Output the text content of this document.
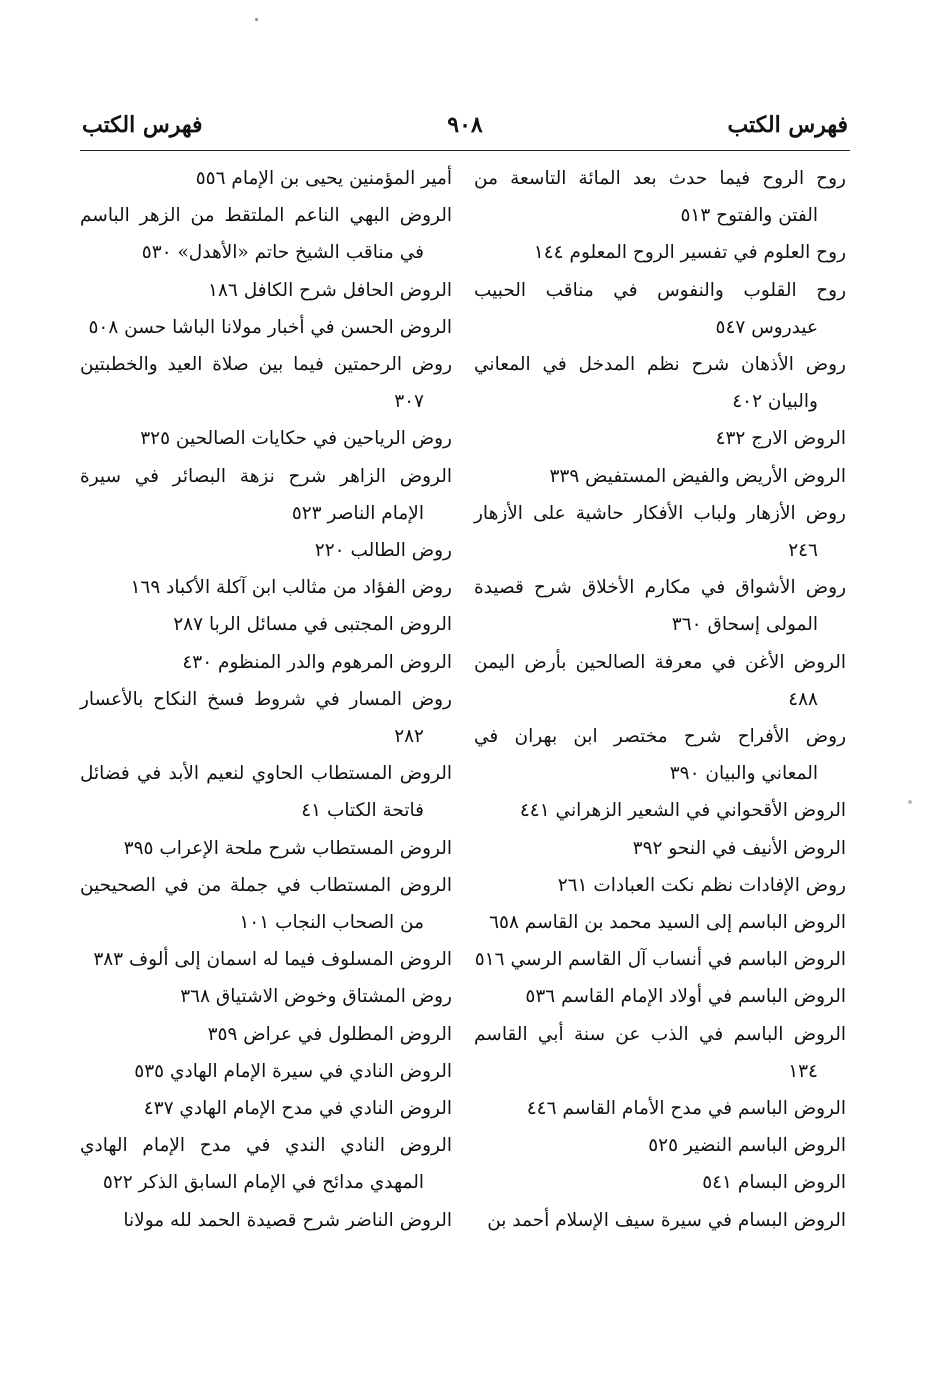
فهرس الكتب
٩٠٨
فهرس الكتب
روح الروح فيما حدث بعد المائة التاسعة من الفتن والفتوح ٥١٣
روح العلوم في تفسير الروح المعلوم ١٤٤
روح القلوب والنفوس في مناقب الحبيب عيدروس ٥٤٧
روض الأذهان شرح نظم المدخل في المعاني والبيان ٤٠٢
الروض الارج ٤٣٢
الروض الأريض والفيض المستفيض ٣٣٩
روض الأزهار ولباب الأفكار حاشية على الأزهار ٢٤٦
روض الأشواق في مكارم الأخلاق شرح قصيدة المولى إسحاق ٣٦٠
الروض الأغن في معرفة الصالحين بأرض اليمن ٤٨٨
روض الأفراح شرح مختصر ابن بهران في المعاني والبيان ٣٩٠
الروض الأقحواني في الشعير الزهراني ٤٤١
الروض الأنيف في النحو ٣٩٢
روض الإفادات نظم نكت العبادات ٢٦١
الروض الباسم إلى السيد محمد بن القاسم ٦٥٨
الروض الباسم في أنساب آل القاسم الرسي ٥١٦
الروض الباسم في أولاد الإمام القاسم ٥٣٦
الروض الباسم في الذب عن سنة أبي القاسم ١٣٤
الروض الباسم في مدح الأمام القاسم ٤٤٦
الروض الباسم النضير ٥٢٥
الروض البسام ٥٤١
الروض البسام في سيرة سيف الإسلام أحمد بن
أمير المؤمنين يحيى بن الإمام ٥٥٦
الروض البهي الناعم الملتقط من الزهر الباسم في مناقب الشيخ حاتم «الأهدل» ٥٣٠
الروض الحافل شرح الكافل ١٨٦
الروض الحسن في أخبار مولانا الباشا حسن ٥٠٨
روض الرحمتين فيما بين صلاة العيد والخطبتين ٣٠٧
روض الرياحين في حكايات الصالحين ٣٢٥
الروض الزاهر شرح نزهة البصائر في سيرة الإمام الناصر ٥٢٣
روض الطالب ٢٢٠
روض الفؤاد من مثالب ابن آكلة الأكباد ١٦٩
الروض المجتبى في مسائل الربا ٢٨٧
الروض المرهوم والدر المنظوم ٤٣٠
روض المسار في شروط فسخ النكاح بالأعسار ٢٨٢
الروض المستطاب الحاوي لنعيم الأبد في فضائل فاتحة الكتاب ٤١
الروض المستطاب شرح ملحة الإعراب ٣٩٥
الروض المستطاب في جملة من في الصحيحين من الصحاب النجاب ١٠١
الروض المسلوف فيما له اسمان إلى ألوف ٣٨٣
روض المشتاق وخوض الاشتياق ٣٦٨
الروض المطلول في عراض ٣٥٩
الروض النادي في سيرة الإمام الهادي ٥٣٥
الروض النادي في مدح الإمام الهادي ٤٣٧
الروض النادي الندي في مدح الإمام الهادي المهدي مدائح في الإمام السابق الذكر ٥٢٢
الروض الناضر شرح قصيدة الحمد لله مولانا
